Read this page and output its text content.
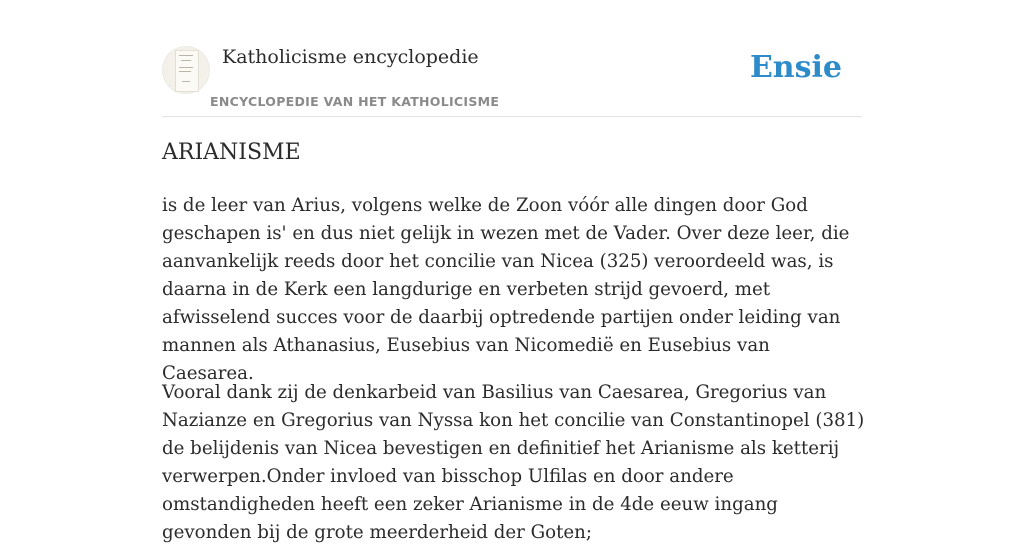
Katholicisme encyclopedie
ENCYCLOPEDIE VAN HET KATHOLICISME
Ensie
ARIANISME

is de leer van Arius, volgens welke de Zoon vóór alle dingen door God geschapen is' en dus niet gelijk in wezen met de Vader. Over deze leer, die aanvankelijk reeds door het concilie van Nicea (325) veroordeeld was, is daarna in de Kerk een langdurige en verbeten strijd gevoerd, met afwisselend succes voor de daarbij optredende partijen onder leiding van mannen als Athanasius, Eusebius van Nicomedië en Eusebius van Caesarea.

Vooral dank zij de denkarbeid van Basilius van Caesarea, Gregorius van Nazianze en Gregorius van Nyssa kon het concilie van Constantinopel (381) de belijdenis van Nicea bevestigen en definitief het Arianisme als ketterij verwerpen.Onder invloed van bisschop Ulfilas en door andere omstandigheden heeft een zeker Arianisme in de 4de eeuw ingang gevonden bij de grote meerderheid der Goten;
